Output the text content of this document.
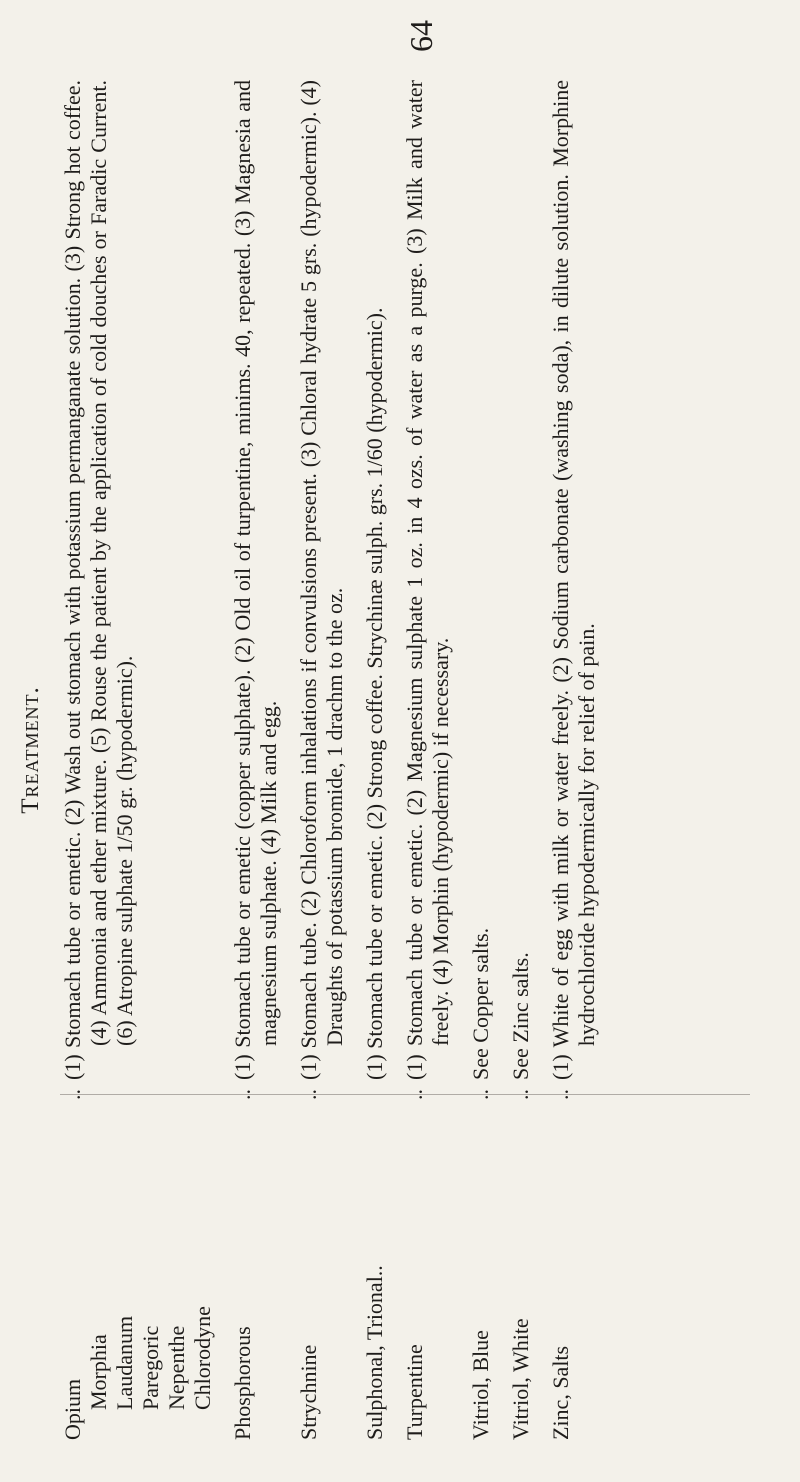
64
Treatment.
Opium Morphia Laudanum Paregoric Nepenthe Chlorodyne
(1) Stomach tube or emetic. (2) Wash out stomach with potassium permanganate solution. (3) Strong hot coffee. (4) Ammonia and ether mixture. (5) Rouse the patient by the application of cold douches or Faradic Current. (6) Atropine sulphate 1/50 gr. (hypodermic).
Phosphorous
(1) Stomach tube or emetic (copper sulphate). (2) Old oil of turpentine, minims. 40, repeated. (3) Magnesia and magnesium sulphate. (4) Milk and egg.
Strychnine
(1) Stomach tube. (2) Chloroform inhalations if convulsions present. (3) Chloral hydrate 5 grs. (hypodermic). (4) Draughts of potassium bromide, 1 drachm to the oz.
Sulphonal, Trional..
(1) Stomach tube or emetic. (2) Strong coffee. Strychinæ sulph. grs. 1/60 (hypodermic).
Turpentine
(1) Stomach tube or emetic. (2) Magnesium sulphate 1 oz. in 4 ozs. of water as a purge. (3) Milk and water freely. (4) Morphin (hypodermic) if necessary.
Vitriol, Blue
See Copper salts.
Vitriol, White
See Zinc salts.
Zinc, Salts
(1) White of egg with milk or water freely. (2) Sodium carbonate (washing soda), in dilute solution. Morphine hydrochloride hypodermically for relief of pain.
